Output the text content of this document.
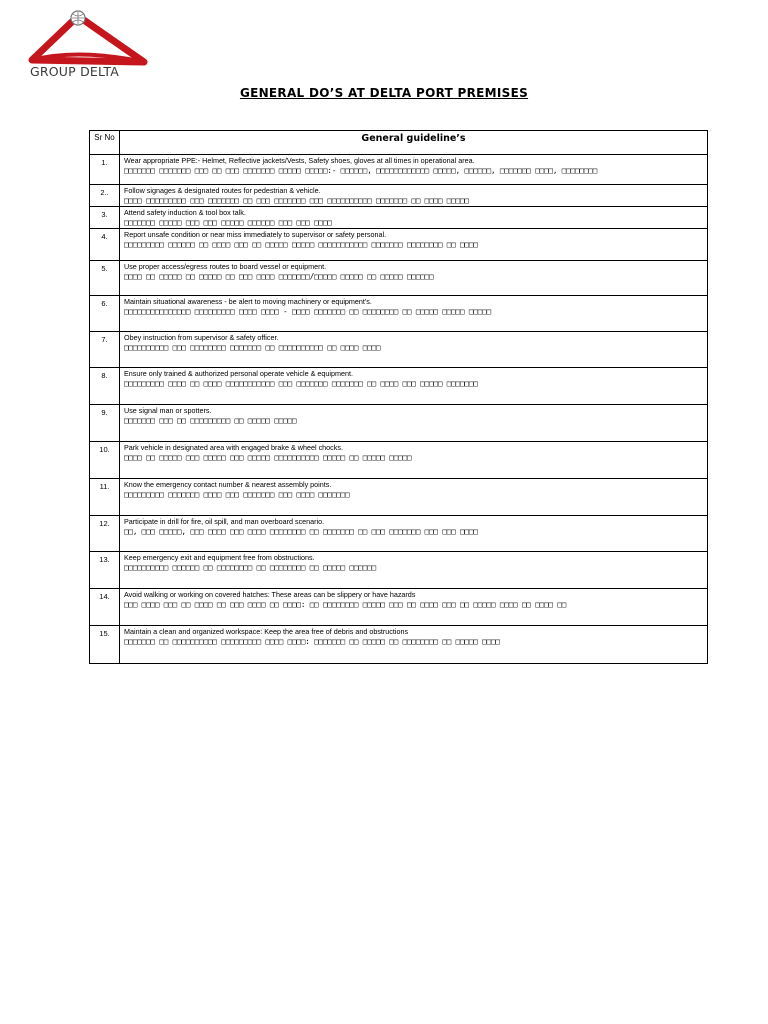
GROUP DELTA
GENERAL DO’S AT DELTA PORT PREMISES
Sr No	General guideline’s
1.	Wear appropriate PPE:- Helmet, Reflective jackets/Vests, Safety shoes, gloves at all times in operational area.
□□□□□□□ □□□□□□□ □□□ □□ □□□ □□□□□□□ □□□□□ □□□□□:- □□□□□□, □□□□□□□□□□□□ □□□□□, □□□□□□, □□□□□□□ □□□□, □□□□□□□□

2..	Follow signages & designated routes for pedestrian & vehicle.
□□□□ □□□□□□□□□ □□□ □□□□□□□ □□ □□□ □□□□□□□ □□□ □□□□□□□□□□ □□□□□□□ □□ □□□□ □□□□□

3.	Attend safety induction & tool box talk.
□□□□□□□ □□□□□ □□□ □□□ □□□□□ □□□□□□ □□□ □□□ □□□□

4.	Report unsafe condition or near miss immediately to supervisor or safety personal.
□□□□□□□□□ □□□□□□ □□ □□□□ □□□ □□ □□□□□ □□□□□ □□□□□□□□□□□ □□□□□□□ □□□□□□□□ □□ □□□□

5.	Use proper access/egress routes to board vessel or equipment.
□□□□ □□ □□□□□ □□ □□□□□ □□ □□□ □□□□ □□□□□□□/□□□□□ □□□□□ □□ □□□□□ □□□□□□

6.	Maintain situational awareness - be alert to moving machinery or equipment's.
□□□□□□□□□□□□□□□ □□□□□□□□□ □□□□ □□□□ - □□□□ □□□□□□□ □□ □□□□□□□□ □□ □□□□□ □□□□□ □□□□□

7.	Obey instruction from supervisor & safety officer.
□□□□□□□□□□ □□□ □□□□□□□□ □□□□□□□ □□ □□□□□□□□□□ □□ □□□□ □□□□

8.	Ensure only trained & authorized personal operate vehicle & equipment.
□□□□□□□□□ □□□□ □□ □□□□ □□□□□□□□□□□ □□□ □□□□□□□ □□□□□□□ □□ □□□□ □□□ □□□□□ □□□□□□□

9.	Use signal man or spotters.
□□□□□□□ □□□ □□ □□□□□□□□□ □□ □□□□□ □□□□□

10.	Park vehicle in designated area with engaged brake & wheel chocks.
□□□□ □□ □□□□□ □□□ □□□□□ □□□ □□□□□ □□□□□□□□□□ □□□□□ □□ □□□□□ □□□□□

11.	Know the emergency contact number & nearest assembly points.
□□□□□□□□□ □□□□□□□ □□□□ □□□ □□□□□□□ □□□ □□□□ □□□□□□□

12.	Participate in drill for fire, oil spill, and man overboard scenario.
□□, □□□ □□□□□, □□□ □□□□ □□□ □□□□ □□□□□□□□ □□ □□□□□□□ □□ □□□ □□□□□□□ □□□ □□□ □□□□

13.	Keep emergency exit and equipment free from obstructions.
□□□□□□□□□□ □□□□□□ □□ □□□□□□□□ □□ □□□□□□□□ □□ □□□□□ □□□□□□

14.	Avoid walking or working on covered hatches: These areas can be slippery or have hazards
□□□ □□□□ □□□ □□ □□□□ □□ □□□ □□□□ □□ □□□□: □□ □□□□□□□□ □□□□□ □□□ □□ □□□□ □□□ □□ □□□□□ □□□□ □□ □□□□ □□

15.	Maintain a clean and organized workspace: Keep the area free of debris and obstructions
□□□□□□□ □□ □□□□□□□□□□ □□□□□□□□□ □□□□ □□□□: □□□□□□□ □□ □□□□□ □□ □□□□□□□□ □□ □□□□□ □□□□
